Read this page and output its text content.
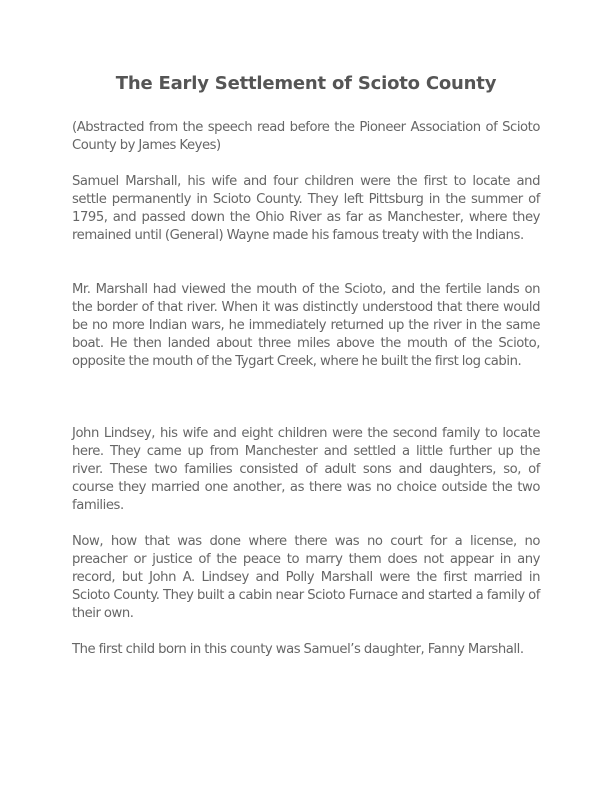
The Early Settlement of Scioto County

(Abstracted from the speech read before the Pioneer Association of Scioto County by James Keyes)

Samuel Marshall, his wife and four children were the first to locate and settle permanently in Scioto County. They left Pittsburg in the summer of 1795, and passed down the Ohio River as far as Manchester, where they remained until (General) Wayne made his famous treaty with the Indians.

Mr. Marshall had viewed the mouth of the Scioto, and the fertile lands on the border of that river. When it was distinctly understood that there would be no more Indian wars, he immediately returned up the river in the same boat. He then landed about three miles above the mouth of the Scioto, opposite the mouth of the Tygart Creek, where he built the first log cabin.

John Lindsey, his wife and eight children were the second family to locate here. They came up from Manchester and settled a little further up the river. These two families consisted of adult sons and daughters, so, of course they married one another, as there was no choice outside the two families.

Now, how that was done where there was no court for a license, no preacher or justice of the peace to marry them does not appear in any record, but John A. Lindsey and Polly Marshall were the first married in Scioto County. They built a cabin near Scioto Furnace and started a family of their own.

The first child born in this county was Samuel’s daughter, Fanny Marshall.
